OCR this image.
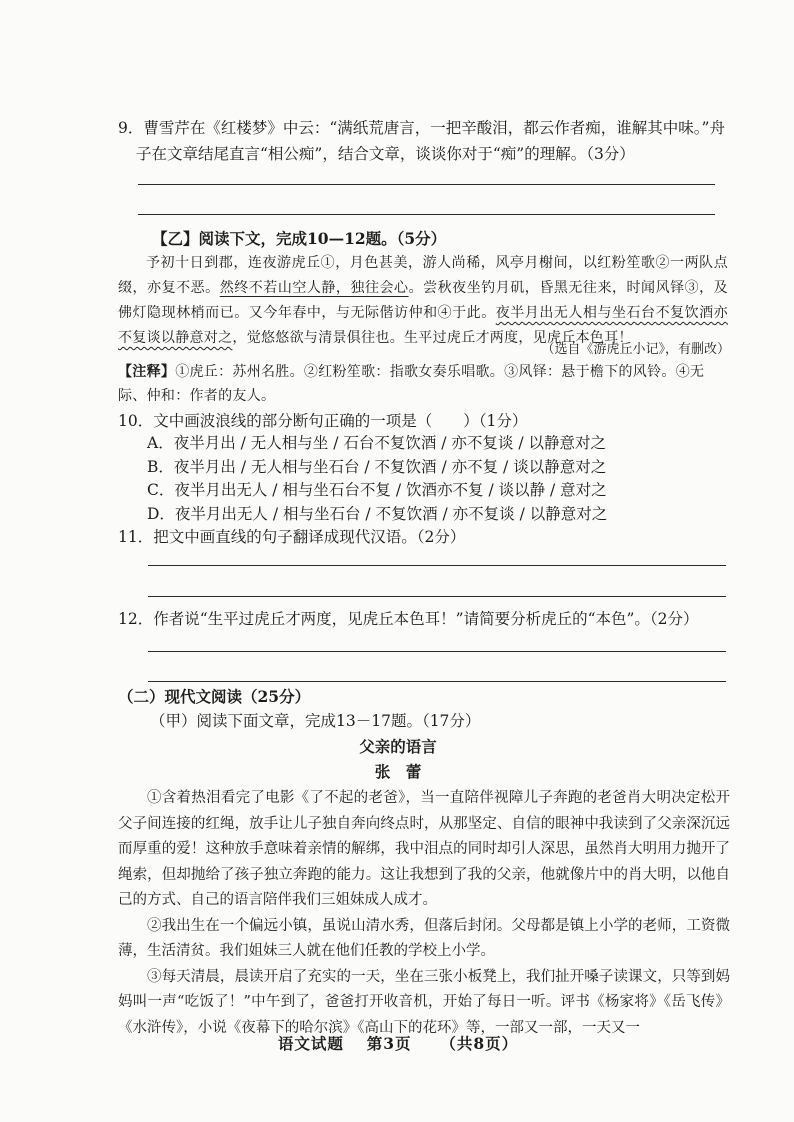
9．曹雪芹在《红楼梦》中云：“满纸荒唐言，一把辛酸泪，都云作者痴，谁解其中味。”舟
子在文章结尾直言“相公痴”，结合文章，谈谈你对于“痴”的理解。（3分）
【乙】阅读下文，完成10—12题。（5分）
予初十日到郡，连夜游虎丘①，月色甚美，游人尚稀，风亭月榭间，以红粉笙歌②一两队点缀，亦复不恶。然终不若山空人静，独往会心。尝秋夜坐钓月矶，昏黑无往来，时闻风铎③，及佛灯隐现林梢而已。又今年春中，与无际偕访仲和④于此。夜半月出无人相与坐石台不复饮酒亦不复谈以静意对之，觉悠悠欲与清景俱往也。生平过虎丘才两度，见虎丘本色耳！
（选自《游虎丘小记》，有删改）
【注释】①虎丘：苏州名胜。②红粉笙歌：指歌女奏乐唱歌。③风铎：悬于檐下的风铃。④无际、仲和：作者的友人。
10．文中画波浪线的部分断句正确的一项是（　　）（1分）
A．夜半月出 / 无人相与坐 / 石台不复饮酒 / 亦不复谈 / 以静意对之
B．夜半月出 / 无人相与坐石台 / 不复饮酒 / 亦不复 / 谈以静意对之
C．夜半月出无人 / 相与坐石台不复 / 饮酒亦不复 / 谈以静 / 意对之
D．夜半月出无人 / 相与坐石台 / 不复饮酒 / 亦不复谈 / 以静意对之
11．把文中画直线的句子翻译成现代汉语。（2分）
12．作者说“生平过虎丘才两度，见虎丘本色耳！”请简要分析虎丘的“本色”。（2分）
（二）现代文阅读（25分）
（甲）阅读下面文章，完成13－17题。（17分）
父亲的语言
张　蕾
①含着热泪看完了电影《了不起的老爸》，当一直陪伴视障儿子奔跑的老爸肖大明决定松开父子间连接的红绳，放手让儿子独自奔向终点时，从那坚定、自信的眼神中我读到了父亲深沉远而厚重的爱！这种放手意味着亲情的解绑，我中泪点的同时却引人深思，虽然肖大明用力抛开了绳索，但却抛给了孩子独立奔跑的能力。这让我想到了我的父亲，他就像片中的肖大明，以他自己的方式、自己的语言陪伴我们三姐妹成人成才。
②我出生在一个偏远小镇，虽说山清水秀，但落后封闭。父母都是镇上小学的老师，工资微薄，生活清贫。我们姐妹三人就在他们任教的学校上小学。
③每天清晨，晨读开启了充实的一天，坐在三张小板凳上，我们扯开嗓子读课文，只等到妈妈叫一声“吃饭了！”中午到了，爸爸打开收音机，开始了每日一听。评书《杨家将》《岳飞传》《水浒传》，小说《夜幕下的哈尔滨》《高山下的花环》等，一部又一部，一天又一
语文试题 第3页 （共8页）
